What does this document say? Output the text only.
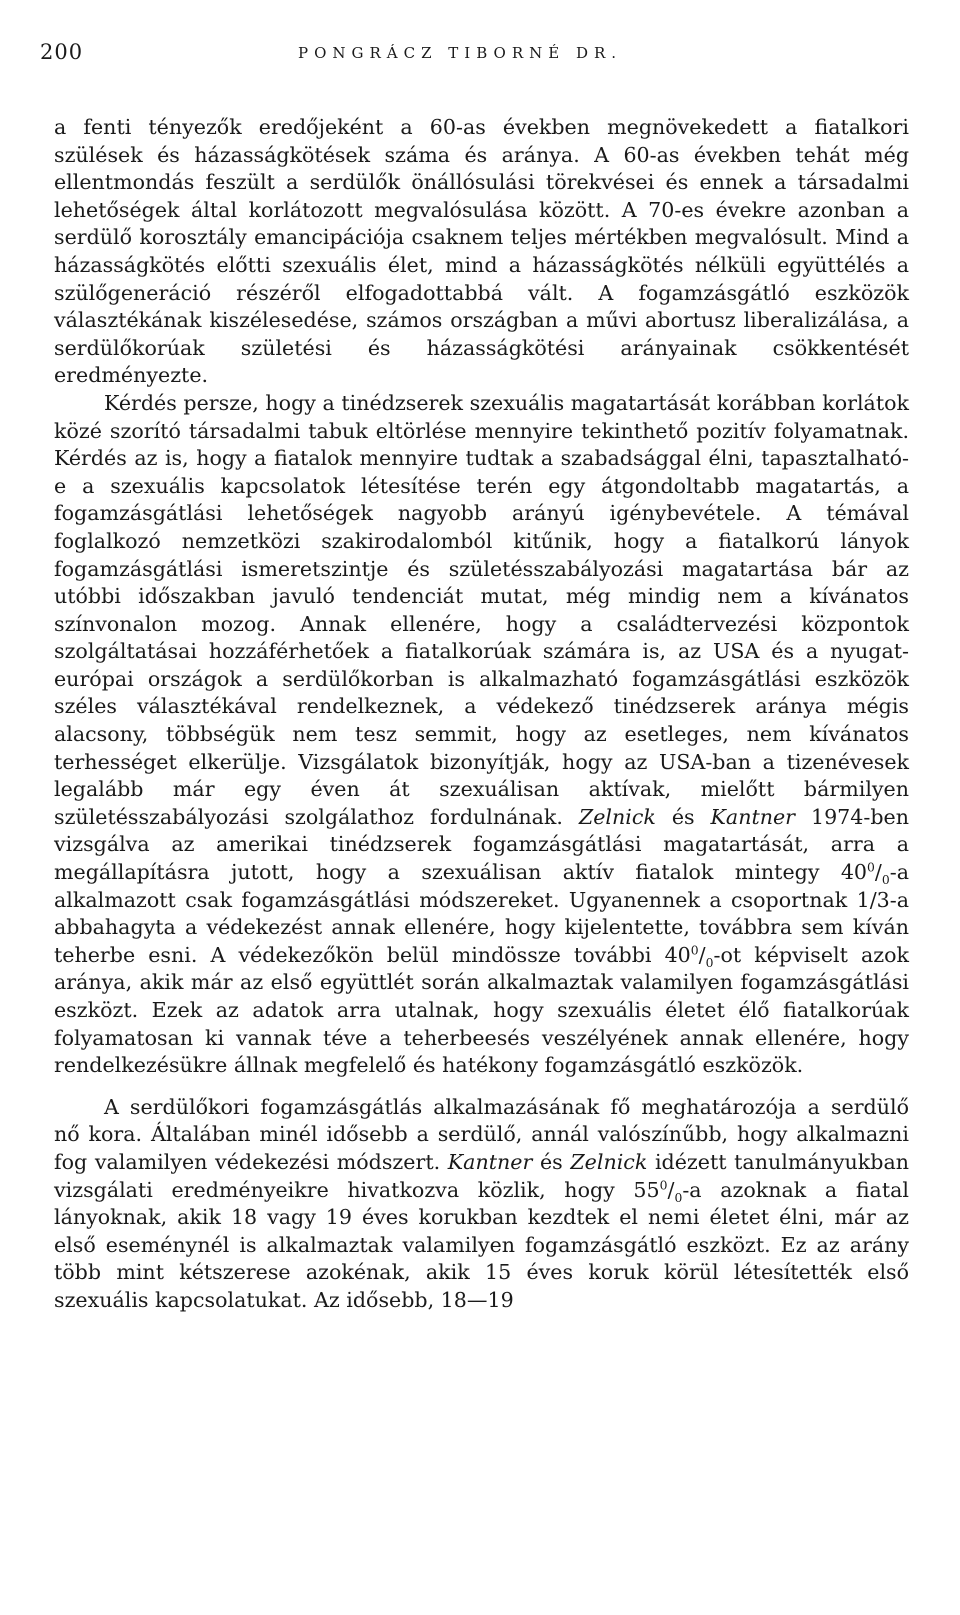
200	PONGRÁCZ TIBORNÉ DR.

a fenti tényezők eredőjeként a 60-as években megnövekedett a fiatalkori szülések és házasságkötések száma és aránya. A 60-as években tehát még ellentmondás feszült a serdülők önállósulási törekvései és ennek a társadalmi lehetőségek által korlátozott megvalósulása között. A 70-es évekre azonban a serdülő korosztály emancipációja csaknem teljes mértékben megvalósult. Mind a házasságkötés előtti szexuális élet, mind a házasságkötés nélküli együttélés a szülőgeneráció részéről elfogadottabbá vált. A fogamzásgátló eszközök választékának kiszélesedése, számos országban a művi abortusz liberalizálása, a serdülőkorúak születési és házasságkötési arányainak csökkentését eredményezte.

Kérdés persze, hogy a tinédzserek szexuális magatartását korábban korlátok közé szorító társadalmi tabuk eltörlése mennyire tekinthető pozitív folyamatnak. Kérdés az is, hogy a fiatalok mennyire tudtak a szabadsággal élni, tapasztalható-e a szexuális kapcsolatok létesítése terén egy átgondoltabb magatartás, a fogamzásgátlási lehetőségek nagyobb arányú igénybevétele. A témával foglalkozó nemzetközi szakirodalomból kitűnik, hogy a fiatalkorú lányok fogamzásgátlási ismeretszintje és születésszabályozási magatartása bár az utóbbi időszakban javuló tendenciát mutat, még mindig nem a kívánatos színvonalon mozog. Annak ellenére, hogy a családtervezési központok szolgáltatásai hozzáférhetőek a fiatalkorúak számára is, az USA és a nyugat-európai országok a serdülőkorban is alkalmazható fogamzásgátlási eszközök széles választékával rendelkeznek, a védekező tinédzserek aránya mégis alacsony, többségük nem tesz semmit, hogy az esetleges, nem kívánatos terhességet elkerülje. Vizsgálatok bizonyítják, hogy az USA-ban a tizenévesek legalább már egy éven át szexuálisan aktívak, mielőtt bármilyen születésszabályozási szolgálathoz fordulnának. Zelnick és Kantner 1974-ben vizsgálva az amerikai tinédzserek fogamzásgátlási magatartását, arra a megállapításra jutott, hogy a szexuálisan aktív fiatalok mintegy $40^0/_0-a$ alkalmazott csak fogamzásgátlási módszereket. Ugyanennek a csoportnak 1/3-a abbahagyta a védekezést annak ellenére, hogy kijelentette, továbbra sem kíván teherbe esni. A védekezőkön belül mindössze további $40^0/_0-ot$ képviselt azok aránya, akik már az első együttlét során alkalmaztak valamilyen fogamzásgátlási eszközt. Ezek az adatok arra utalnak, hogy szexuális életet élő fiatalkorúak folyamatosan ki vannak téve a teherbeesés veszélyének annak ellenére, hogy rendelkezésükre állnak megfelelő és hatékony fogamzásgátló eszközök.

A serdülőkori fogamzásgátlás alkalmazásának fő meghatározója a serdülő nő kora. Általában minél idősebb a serdülő, annál valószínűbb, hogy alkalmazni fog valamilyen védekezési módszert. Kantner és Zelnick idézett tanulmányukban vizsgálati eredményeikre hivatkozva közlik, hogy $55^0/_0-a$ azoknak a fiatal lányoknak, akik 18 vagy 19 éves korukban kezdtek el nemi életet élni, már az első eseménynél is alkalmaztak valamilyen fogamzásgátló eszközt. Ez az arány több mint kétszerese azokénak, akik 15 éves koruk körül létesítették első szexuális kapcsolatukat. Az idősebb, 18—19
